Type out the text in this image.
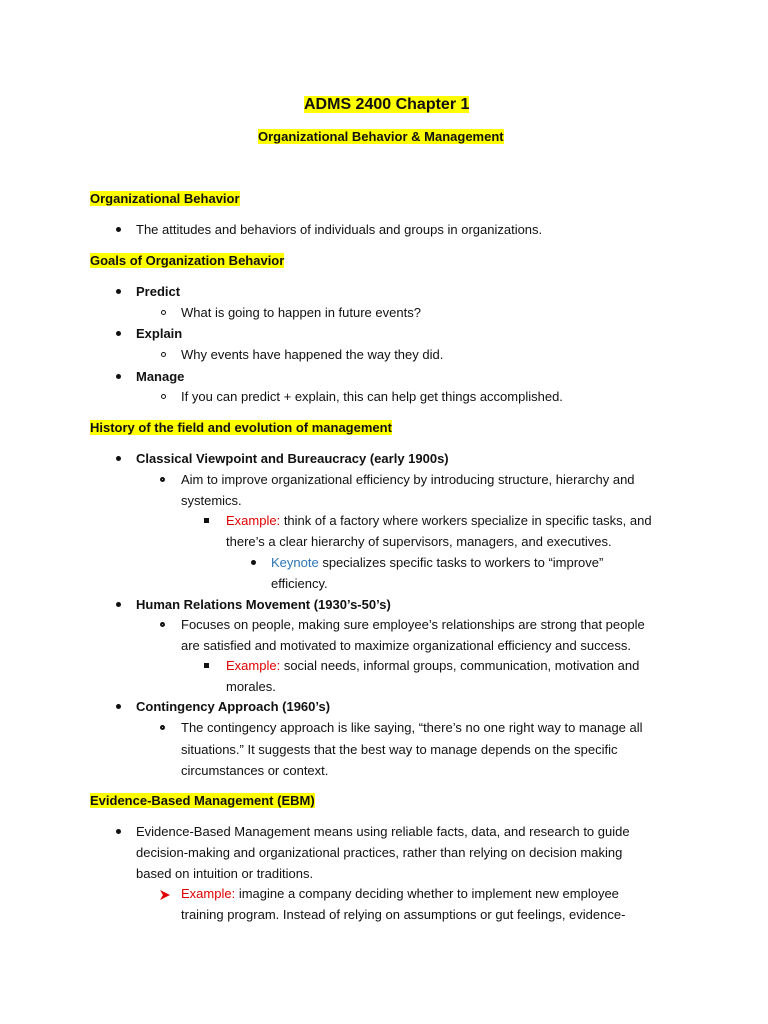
ADMS 2400 Chapter 1
Organizational Behavior & Management
Organizational Behavior
The attitudes and behaviors of individuals and groups in organizations.
Goals of Organization Behavior
Predict
What is going to happen in future events?
Explain
Why events have happened the way they did.
Manage
If you can predict + explain, this can help get things accomplished.
History of the field and evolution of management
Classical Viewpoint and Bureaucracy (early 1900s)
Aim to improve organizational efficiency by introducing structure, hierarchy and
systemics.
Example: think of a factory where workers specialize in specific tasks, and
there’s a clear hierarchy of supervisors, managers, and executives.
Keynote specializes specific tasks to workers to “improve”
efficiency.
Human Relations Movement (1930’s-50’s)
Focuses on people, making sure employee’s relationships are strong that people
are satisfied and motivated to maximize organizational efficiency and success.
Example: social needs, informal groups, communication, motivation and
morales.
Contingency Approach (1960’s)
The contingency approach is like saying, “there’s no one right way to manage all
situations.” It suggests that the best way to manage depends on the specific
circumstances or context.
Evidence-Based Management (EBM)
Evidence-Based Management means using reliable facts, data, and research to guide
decision-making and organizational practices, rather than relying on decision making
based on intuition or traditions.
Example: imagine a company deciding whether to implement new employee
training program. Instead of relying on assumptions or gut feelings, evidence-
